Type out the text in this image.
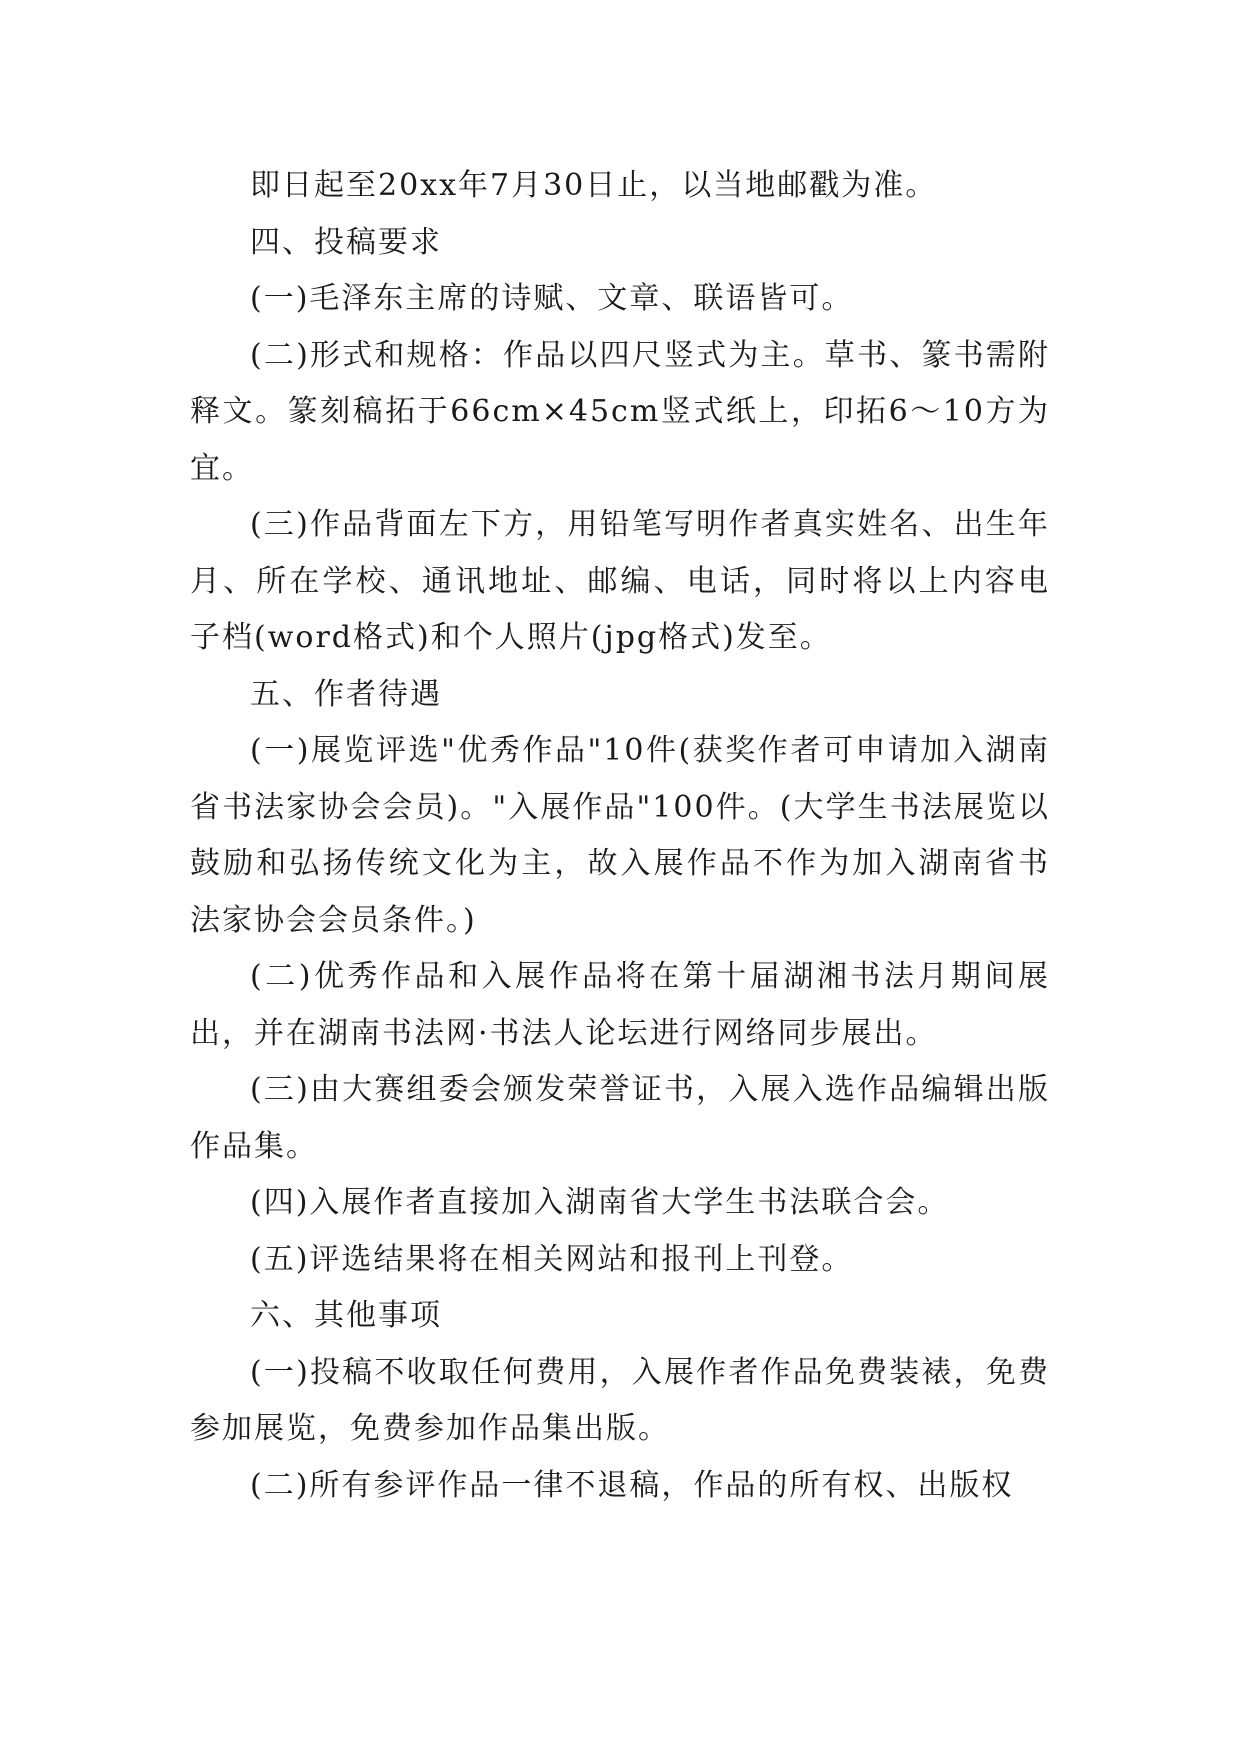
即日起至20xx年7月30日止，以当地邮戳为准。

四、投稿要求

(一)毛泽东主席的诗赋、文章、联语皆可。

(二)形式和规格：作品以四尺竖式为主。草书、篆书需附释文。篆刻稿拓于66cm×45cm竖式纸上，印拓6～10方为宜。

(三)作品背面左下方，用铅笔写明作者真实姓名、出生年月、所在学校、通讯地址、邮编、电话，同时将以上内容电子档(word格式)和个人照片(jpg格式)发至。

五、作者待遇

(一)展览评选"优秀作品"10件(获奖作者可申请加入湖南省书法家协会会员)。"入展作品"100件。(大学生书法展览以鼓励和弘扬传统文化为主，故入展作品不作为加入湖南省书法家协会会员条件。)

(二)优秀作品和入展作品将在第十届湖湘书法月期间展出，并在湖南书法网·书法人论坛进行网络同步展出。

(三)由大赛组委会颁发荣誉证书，入展入选作品编辑出版作品集。

(四)入展作者直接加入湖南省大学生书法联合会。

(五)评选结果将在相关网站和报刊上刊登。

六、其他事项

(一)投稿不收取任何费用，入展作者作品免费装裱，免费参加展览，免费参加作品集出版。

(二)所有参评作品一律不退稿，作品的所有权、出版权
